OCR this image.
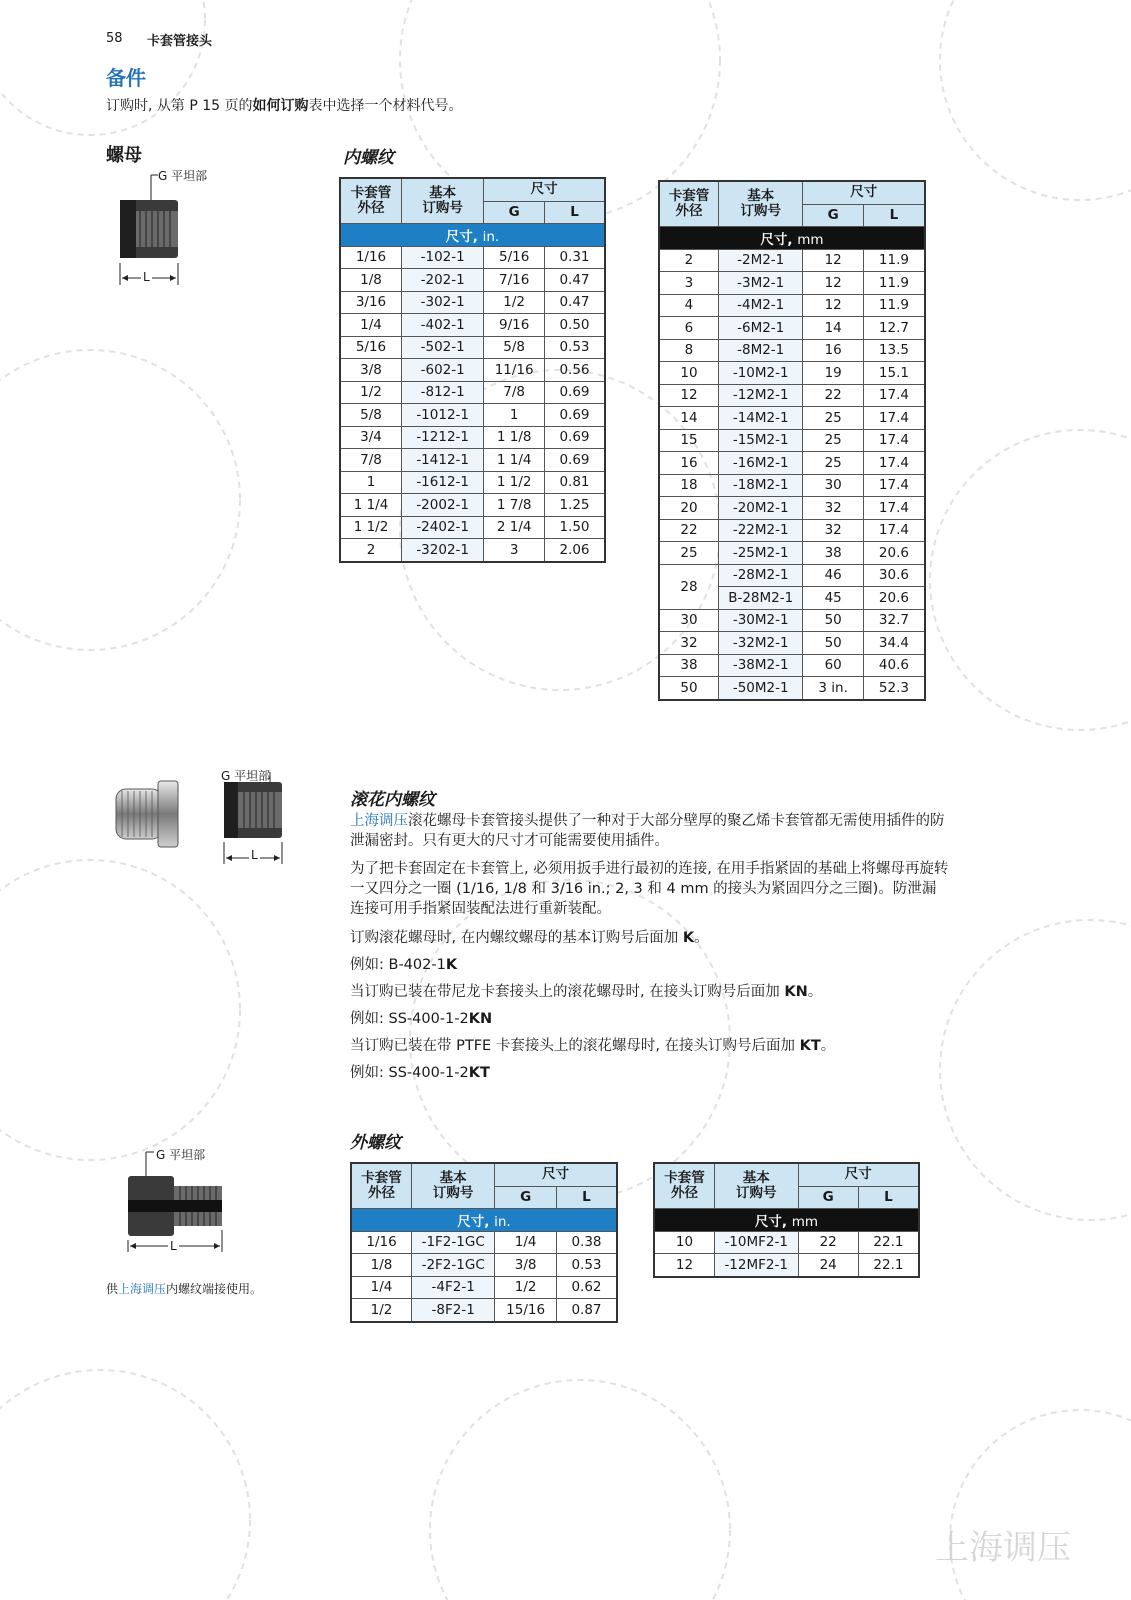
58 卡套管接头
备件
订购时, 从第 P 15 页的如何订购表中选择一个材料代号。
螺母
G 平坦部
L
内螺纹
卡套管
外径	基本
订购号	尺寸	
		G	L
尺寸, in.			
1/16	-102-1	5/16	0.31
1/8	-202-1	7/16	0.47
3/16	-302-1	1/2	0.47
1/4	-402-1	9/16	0.50
5/16	-502-1	5/8	0.53
3/8	-602-1	11/16	0.56
1/2	-812-1	7/8	0.69
5/8	-1012-1	1	0.69
3/4	-1212-1	1 1/8	0.69
7/8	-1412-1	1 1/4	0.69
1	-1612-1	1 1/2	0.81
1 1/4	-2002-1	1 7/8	1.25
1 1/2	-2402-1	2 1/4	1.50
2	-3202-1	3	2.06
卡套管
外径	基本
订购号	尺寸	
		G	L
尺寸, mm			
2	-2M2-1	12	11.9
3	-3M2-1	12	11.9
4	-4M2-1	12	11.9
6	-6M2-1	14	12.7
8	-8M2-1	16	13.5
10	-10M2-1	19	15.1
12	-12M2-1	22	17.4
14	-14M2-1	25	17.4
15	-15M2-1	25	17.4
16	-16M2-1	25	17.4
18	-18M2-1	30	17.4
20	-20M2-1	32	17.4
22	-22M2-1	32	17.4
25	-25M2-1	38	20.6
28	-28M2-1	46	30.6
	B-28M2-1	45	20.6
30	-30M2-1	50	32.7
32	-32M2-1	50	34.4
38	-38M2-1	60	40.6
50	-50M2-1	3 in.	52.3
G 平坦部
L
滚花内螺纹
上海调压滚花螺母卡套管接头提供了一种对于大部分壁厚的聚乙烯卡套管都无需使用插件的防泄漏密封。只有更大的尺寸才可能需要使用插件。
为了把卡套固定在卡套管上, 必须用扳手进行最初的连接, 在用手指紧固的基础上将螺母再旋转一又四分之一圈 (1/16, 1/8 和 3/16 in.; 2, 3 和 4 mm 的接头为紧固四分之三圈)。防泄漏连接可用手指紧固装配法进行重新装配。
订购滚花螺母时, 在内螺纹螺母的基本订购号后面加 K。
例如: B-402-1K
当订购已装在带尼龙卡套接头上的滚花螺母时, 在接头订购号后面加 KN。
例如: SS-400-1-2KN
当订购已装在带 PTFE 卡套接头上的滚花螺母时, 在接头订购号后面加 KT。
例如: SS-400-1-2KT
G 平坦部
L
供上海调压内螺纹端接使用。
外螺纹
卡套管
外径	基本
订购号	尺寸	
		G	L
尺寸, in.			
1/16	-1F2-1GC	1/4	0.38
1/8	-2F2-1GC	3/8	0.53
1/4	-4F2-1	1/2	0.62
1/2	-8F2-1	15/16	0.87
卡套管
外径	基本
订购号	尺寸	
		G	L
尺寸, mm			
10	-10MF2-1	22	22.1
12	-12MF2-1	24	22.1
上海调压
